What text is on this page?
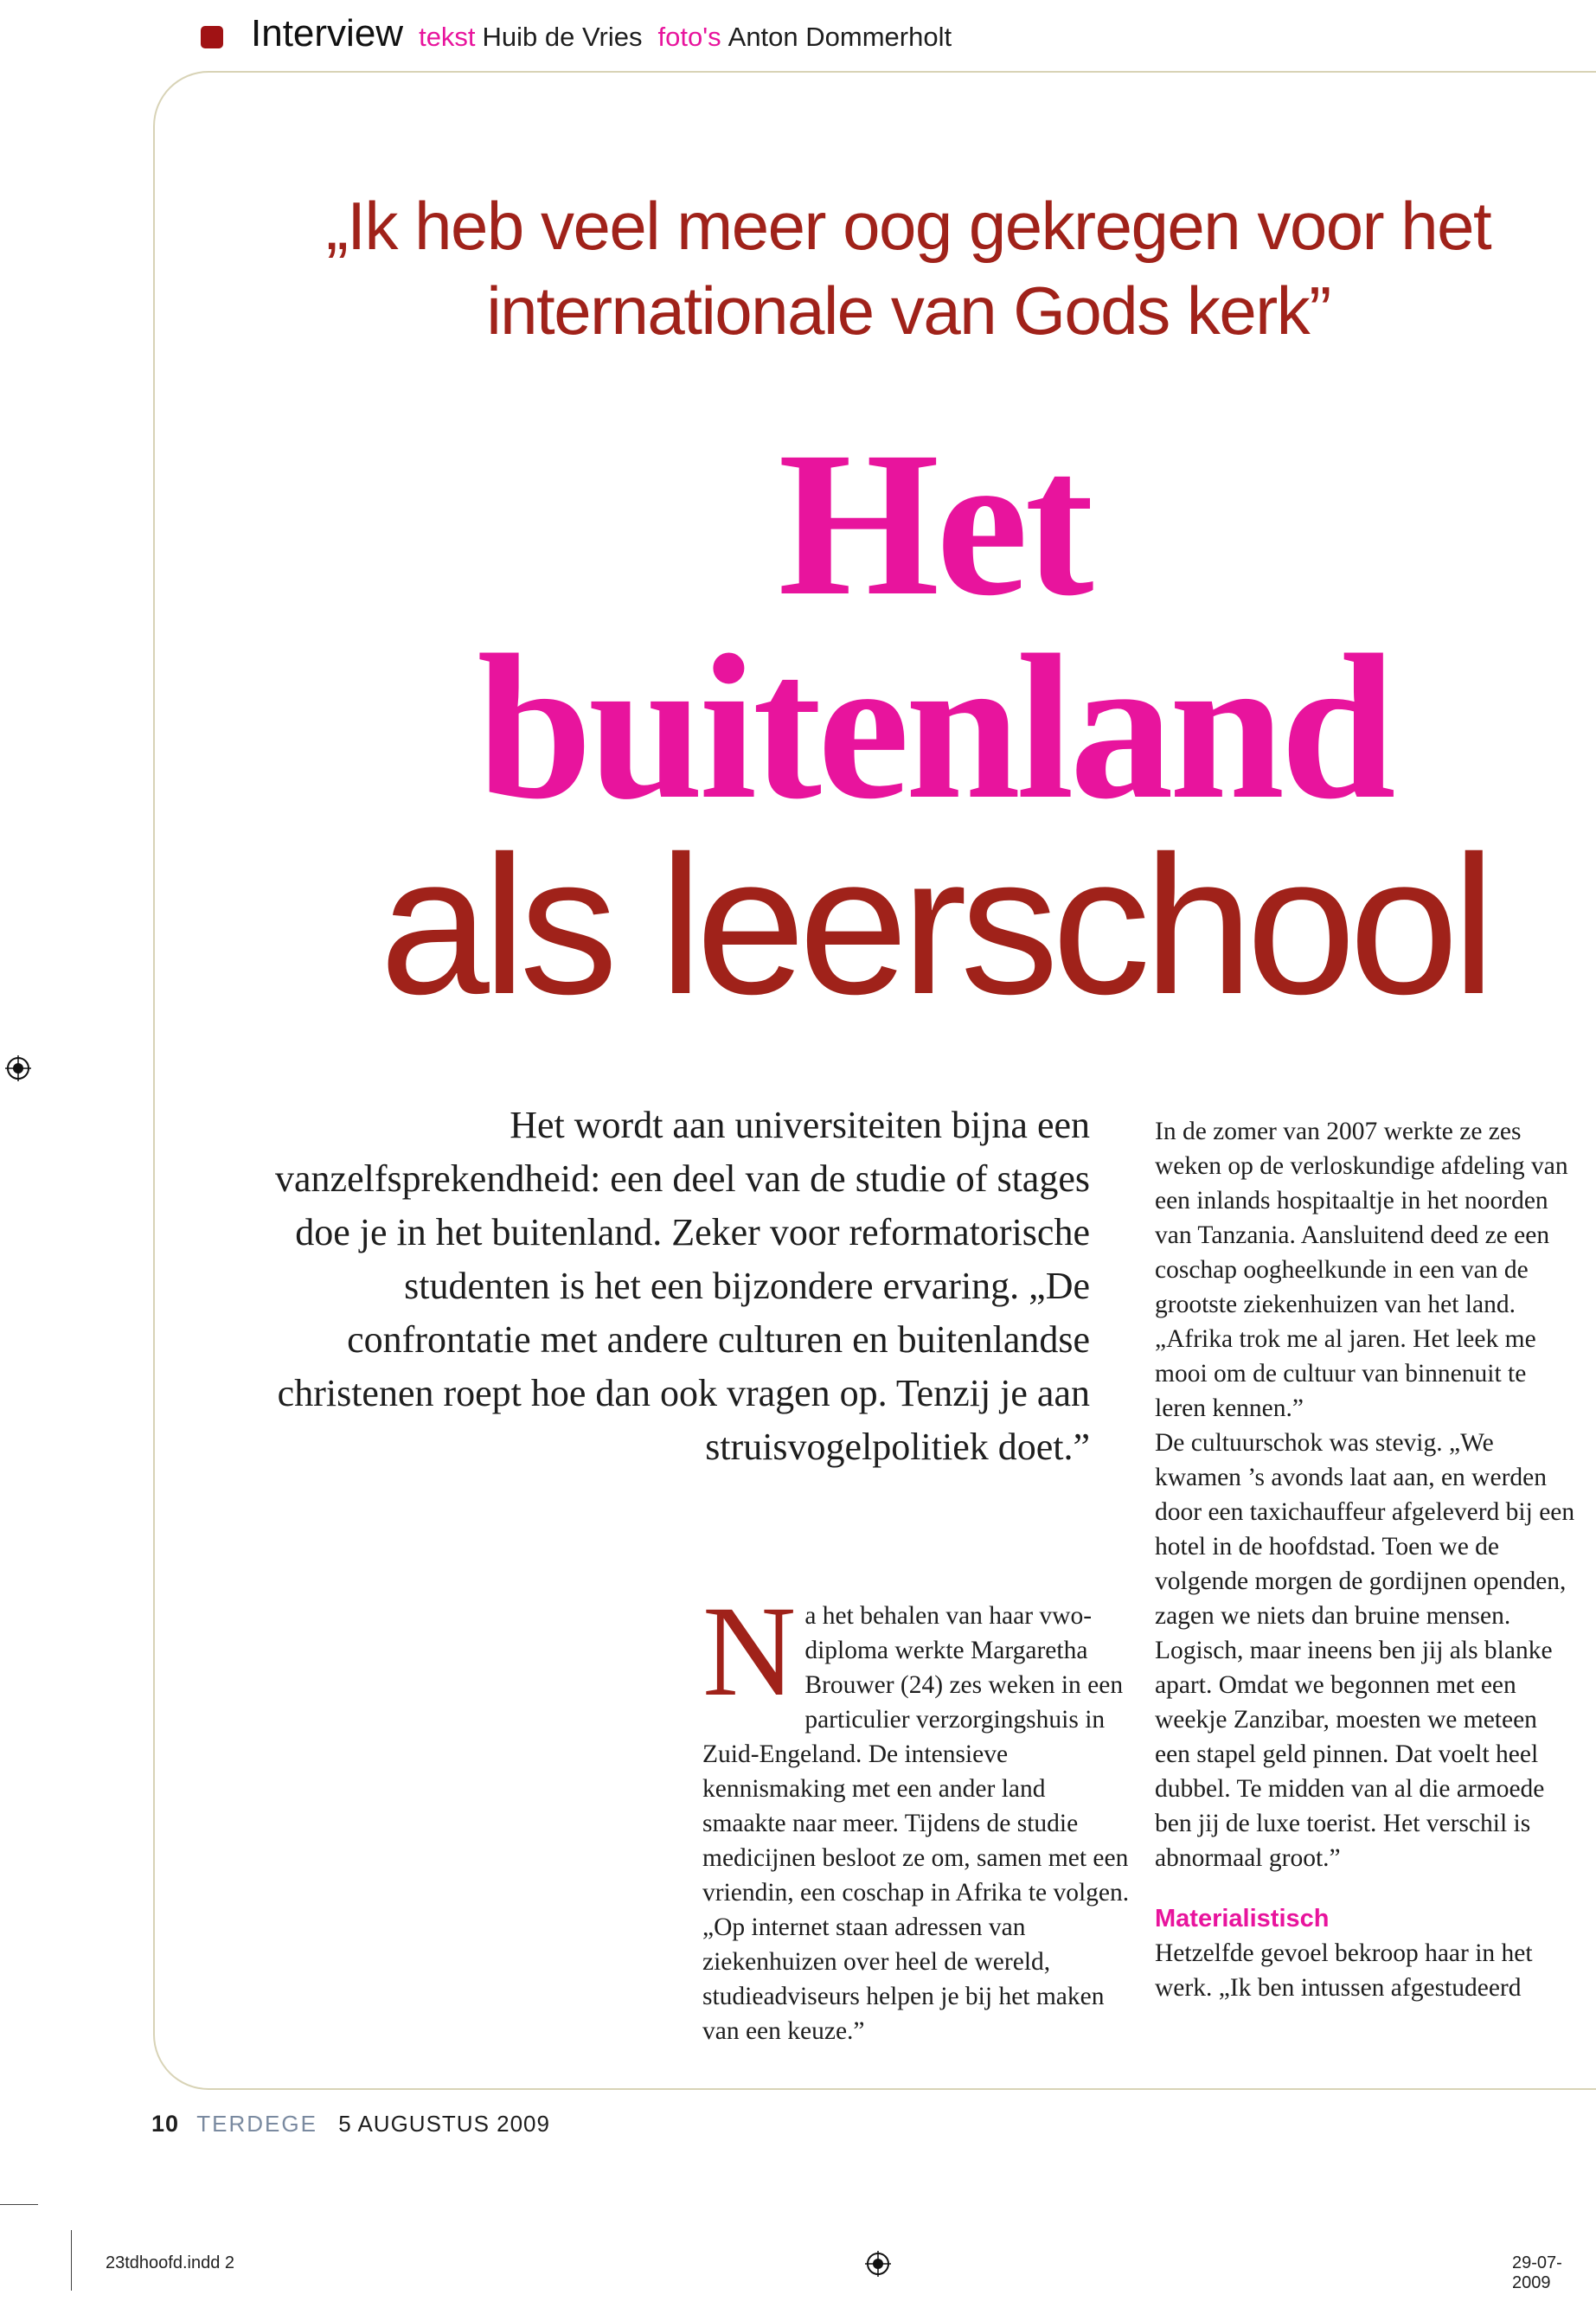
Interview tekst Huib de Vries foto's Anton Dommerholt
„Ik heb veel meer oog gekregen voor het
internationale van Gods kerk”
Het
buitenland
als leerschool
Het wordt aan universiteiten bijna een vanzelfsprekendheid: een deel van de studie of stages doe je in het buitenland. Zeker voor reformatorische studenten is het een bijzondere ervaring. „De confrontatie met andere culturen en buitenlandse christenen roept hoe dan ook vragen op. Tenzij je aan struisvogelpolitiek doet.”
N a het behalen van haar vwo-diploma werkte Margaretha Brouwer (24) zes weken in een particulier verzorgingshuis in Zuid-Engeland. De intensieve kennismaking met een ander land smaakte naar meer. Tijdens de studie medicijnen besloot ze om, samen met een vriendin, een coschap in Afrika te volgen. „Op internet staan adressen van ziekenhuizen over heel de wereld, studieadviseurs helpen je bij het maken van een keuze.”

In de zomer van 2007 werkte ze zes weken op de verloskundige afdeling van een inlands hospitaaltje in het noorden van Tanzania. Aansluitend deed ze een coschap oogheelkunde in een van de grootste ziekenhuizen van het land. „Afrika trok me al jaren. Het leek me mooi om de cultuur van binnenuit te leren kennen.”

De cultuurschok was stevig. „We kwamen ’s avonds laat aan, en werden door een taxichauffeur afgeleverd bij een hotel in de hoofdstad. Toen we de volgende morgen de gordijnen openden, zagen we niets dan bruine mensen. Logisch, maar ineens ben jij als blanke apart. Omdat we begonnen met een weekje Zanzibar, moesten we meteen een stapel geld pinnen. Dat voelt heel dubbel. Te midden van al die armoede ben jij de luxe toerist. Het verschil is abnormaal groot.”

Materialistisch

Hetzelfde gevoel bekroop haar in het werk. „Ik ben intussen afgestudeerd

10 TERDEGE 5 AUGUSTUS 2009
23tdhoofd.indd 2	29-07-2009
